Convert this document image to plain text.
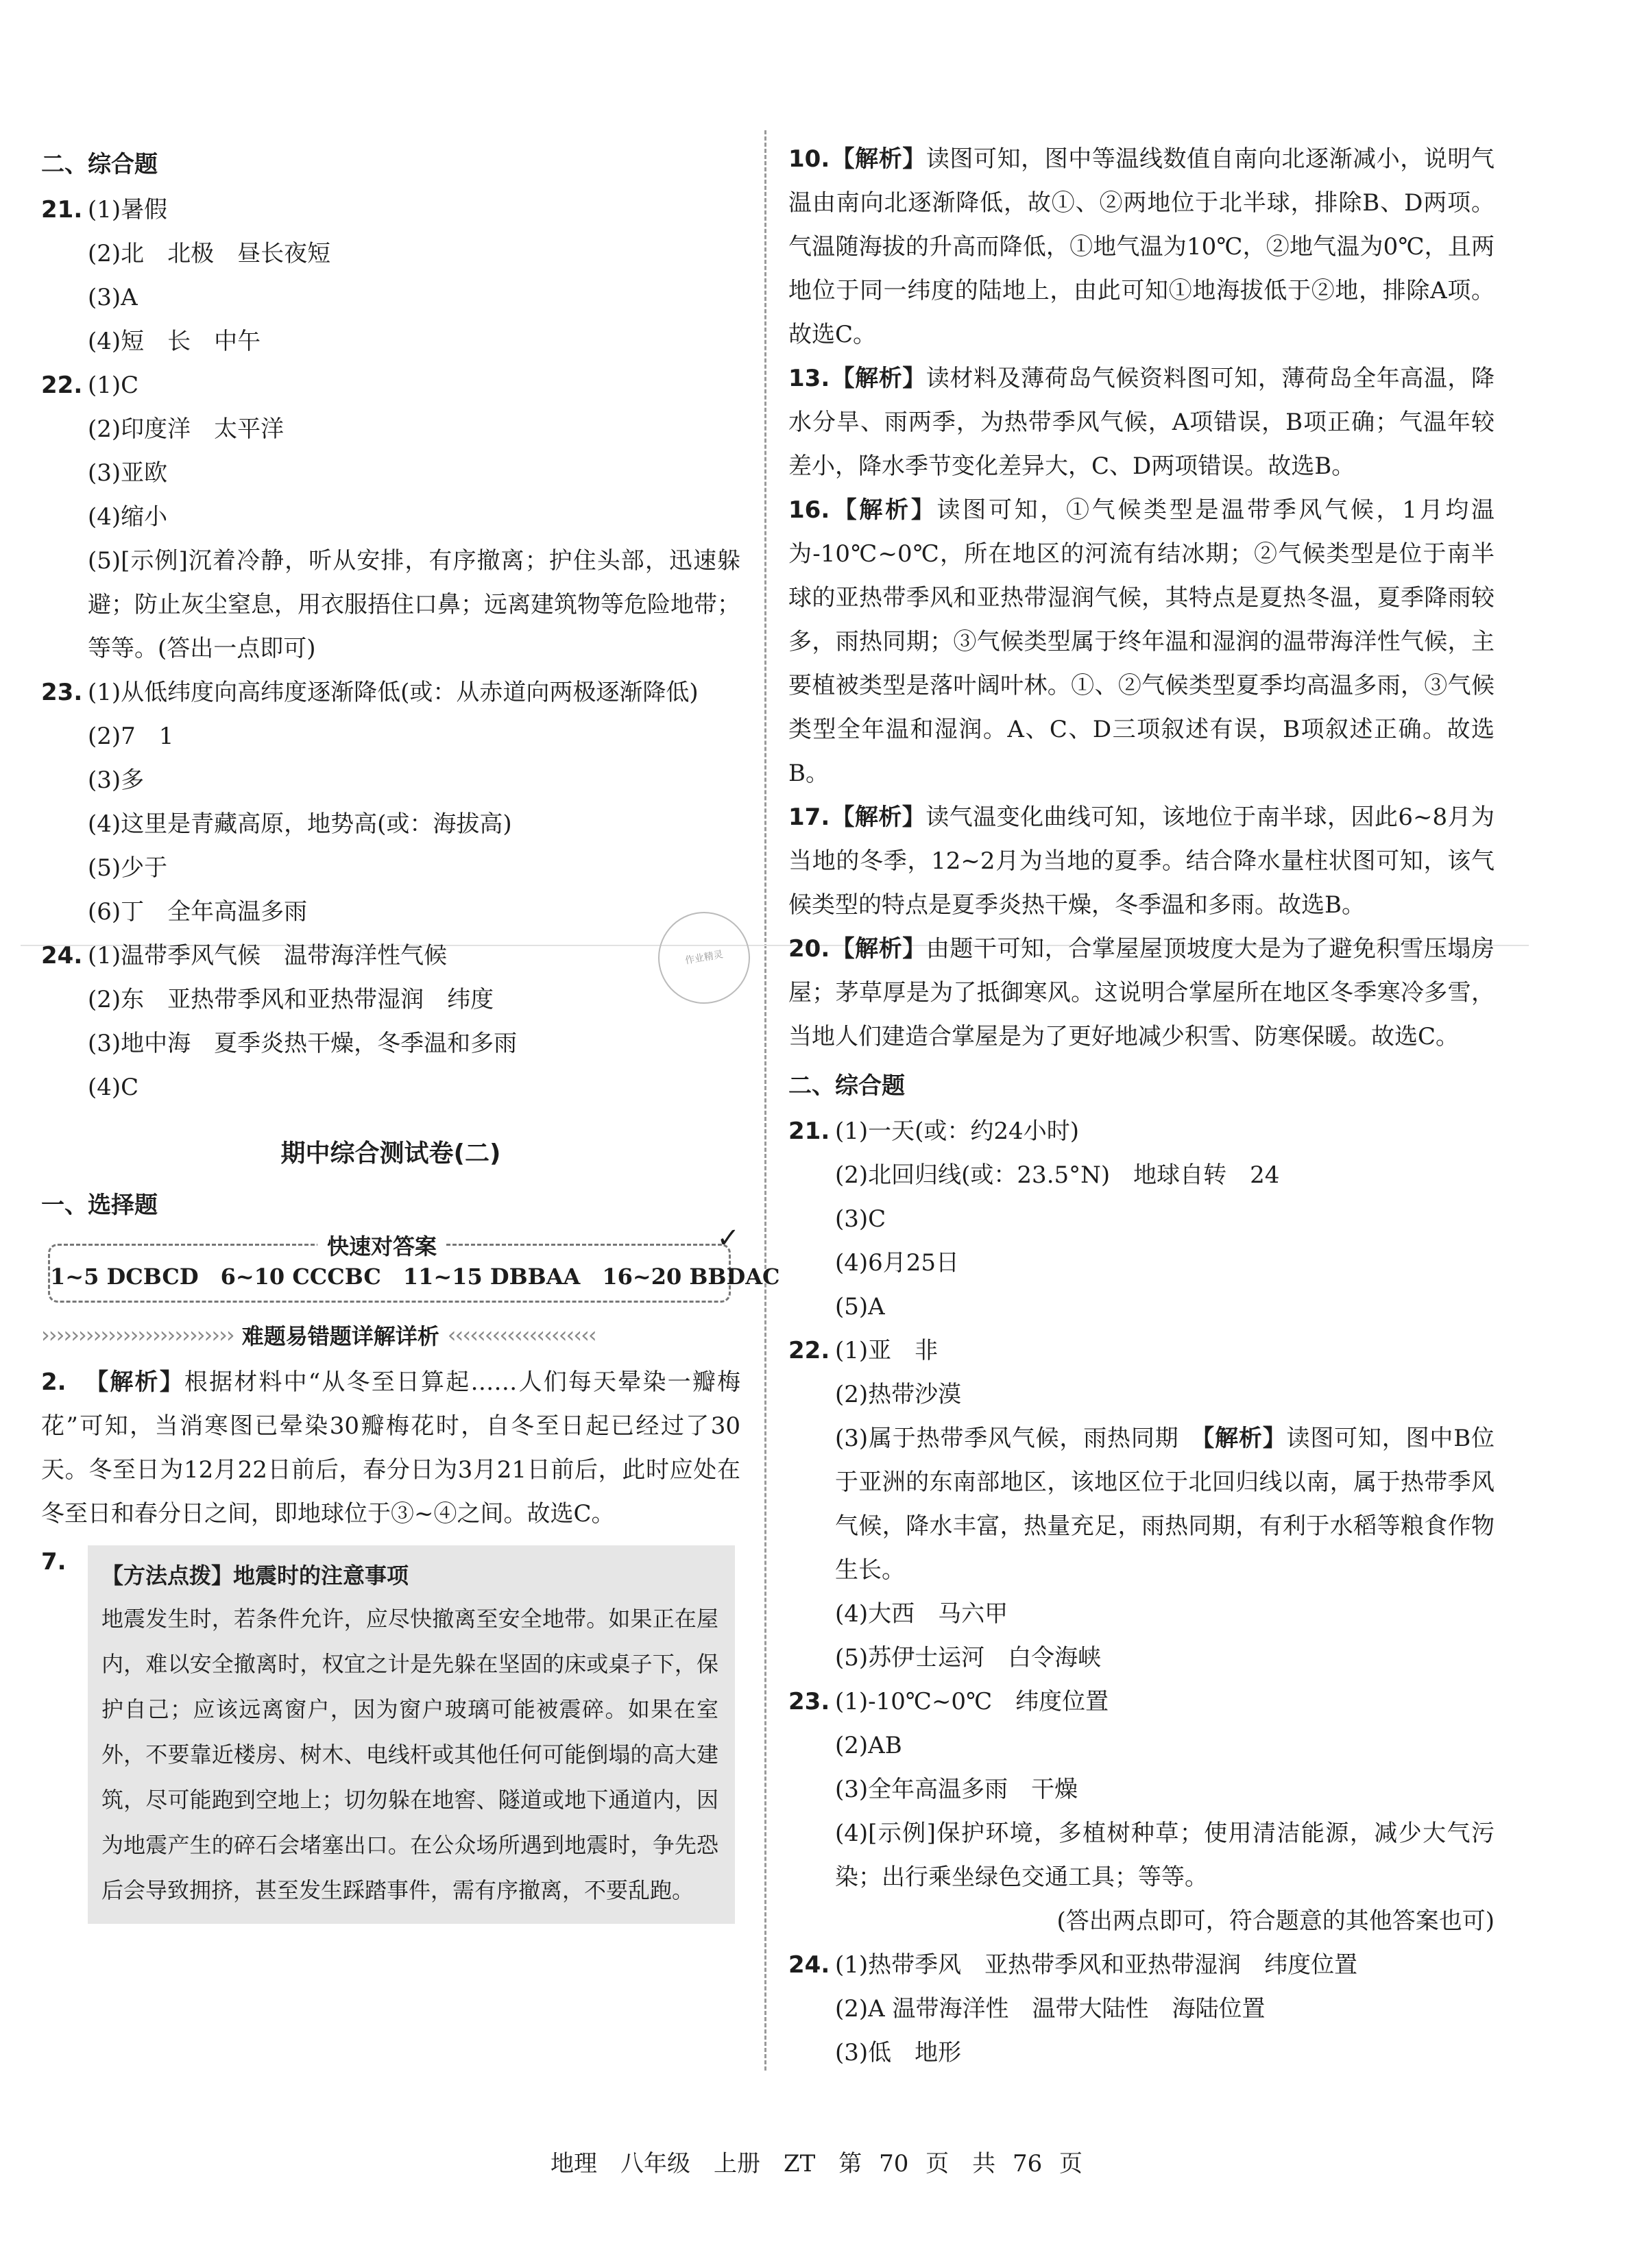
作业精灵
二、综合题
21. (1)暑假
(2)北　北极　昼长夜短
(3)A
(4)短　长　中午
22. (1)C
(2)印度洋　太平洋
(3)亚欧
(4)缩小
(5)[示例]沉着冷静，听从安排，有序撤离；护住头部，迅速躲避；防止灰尘窒息，用衣服捂住口鼻；远离建筑物等危险地带；等等。(答出一点即可)
23. (1)从低纬度向高纬度逐渐降低(或：从赤道向两极逐渐降低)
(2)7　1
(3)多
(4)这里是青藏高原，地势高(或：海拔高)
(5)少于
(6)丁　全年高温多雨
24. (1)温带季风气候　温带海洋性气候
(2)东　亚热带季风和亚热带湿润　纬度
(3)地中海　夏季炎热干燥，冬季温和多雨
(4)C
期中综合测试卷(二)
一、选择题
快速对答案	✓
1~5 DCBCD　6~10 CCCBC　11~15 DBBAA　16~20 BBDAC
›››››››››››››››››››››››››› 难题易错题详解详析 ‹‹‹‹‹‹‹‹‹‹‹‹‹‹‹‹‹‹‹‹
2. 【解析】根据材料中“从冬至日算起……人们每天晕染一瓣梅花”可知，当消寒图已晕染30瓣梅花时，自冬至日起已经过了30天。冬至日为12月22日前后，春分日为3月21日前后，此时应处在冬至日和春分日之间，即地球位于③~④之间。故选C。
7.	【方法点拨】地震时的注意事项
地震发生时，若条件允许，应尽快撤离至安全地带。如果正在屋内，难以安全撤离时，权宜之计是先躲在坚固的床或桌子下，保护自己；应该远离窗户，因为窗户玻璃可能被震碎。如果在室外，不要靠近楼房、树木、电线杆或其他任何可能倒塌的高大建筑，尽可能跑到空地上；切勿躲在地窖、隧道或地下通道内，因为地震产生的碎石会堵塞出口。在公众场所遇到地震时，争先恐后会导致拥挤，甚至发生踩踏事件，需有序撤离，不要乱跑。
10.【解析】读图可知，图中等温线数值自南向北逐渐减小，说明气温由南向北逐渐降低，故①、②两地位于北半球，排除B、D两项。气温随海拔的升高而降低，①地气温为10℃，②地气温为0℃，且两地位于同一纬度的陆地上，由此可知①地海拔低于②地，排除A项。故选C。
13.【解析】读材料及薄荷岛气候资料图可知，薄荷岛全年高温，降水分旱、雨两季，为热带季风气候，A项错误，B项正确；气温年较差小，降水季节变化差异大，C、D两项错误。故选B。
16.【解析】读图可知，①气候类型是温带季风气候，1月均温为-10℃~0℃，所在地区的河流有结冰期；②气候类型是位于南半球的亚热带季风和亚热带湿润气候，其特点是夏热冬温，夏季降雨较多，雨热同期；③气候类型属于终年温和湿润的温带海洋性气候，主要植被类型是落叶阔叶林。①、②气候类型夏季均高温多雨，③气候类型全年温和湿润。A、C、D三项叙述有误，B项叙述正确。故选B。
17.【解析】读气温变化曲线可知，该地位于南半球，因此6~8月为当地的冬季，12~2月为当地的夏季。结合降水量柱状图可知，该气候类型的特点是夏季炎热干燥，冬季温和多雨。故选B。
20.【解析】由题干可知，合掌屋屋顶坡度大是为了避免积雪压塌房屋；茅草厚是为了抵御寒风。这说明合掌屋所在地区冬季寒冷多雪，当地人们建造合掌屋是为了更好地减少积雪、防寒保暖。故选C。
二、综合题
21. (1)一天(或：约24小时)
(2)北回归线(或：23.5°N)　地球自转　24
(3)C
(4)6月25日
(5)A
22. (1)亚　非
(2)热带沙漠
(3)属于热带季风气候，雨热同期　【解析】读图可知，图中B位于亚洲的东南部地区，该地区位于北回归线以南，属于热带季风气候，降水丰富，热量充足，雨热同期，有利于水稻等粮食作物生长。
(4)大西　马六甲
(5)苏伊士运河　白令海峡
23. (1)-10℃~0℃　纬度位置
(2)AB
(3)全年高温多雨　干燥
(4)[示例]保护环境，多植树种草；使用清洁能源，减少大气污染；出行乘坐绿色交通工具；等等。
(答出两点即可，符合题意的其他答案也可)
24. (1)热带季风　亚热带季风和亚热带湿润　纬度位置
(2)A 温带海洋性　温带大陆性　海陆位置
(3)低　地形
地理　八年级　上册　ZT　第 70 页　共 76 页
